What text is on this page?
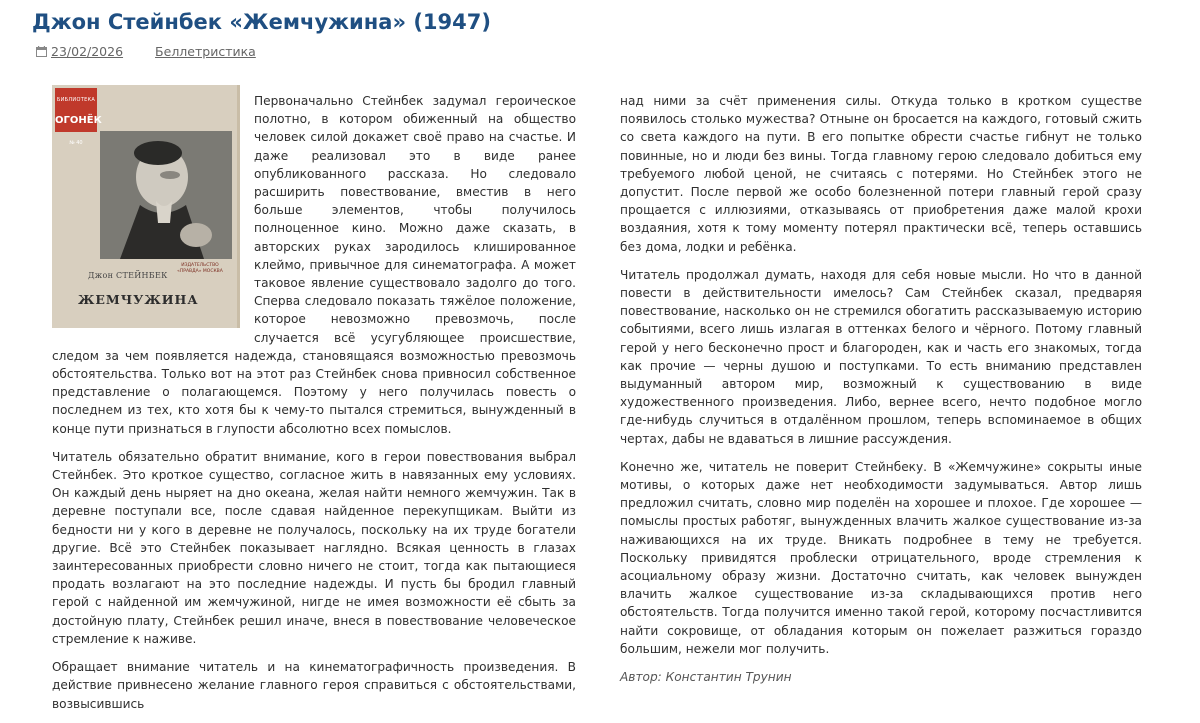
Джон Стейнбек «Жемчужина» (1947)
23/02/2026	Беллетристика
БИБЛИОТЕКА
ОГОНЁК
№ 40
Джон СТЕЙНБЕК
ИЗДАТЕЛЬСТВО «ПРАВДА» МОСКВА
ЖЕМЧУЖИНА

Первоначально Стейнбек задумал героическое полотно, в котором обиженный на общество человек силой докажет своё право на счастье. И даже реализовал это в виде ранее опубликованного рассказа. Но следовало расширить повествование, вместив в него больше элементов, чтобы получилось полноценное кино. Можно даже сказать, в авторских руках зародилось клишированное клеймо, привычное для синематографа. А может таковое явление существовало задолго до того. Сперва следовало показать тяжёлое положение, которое невозможно превозмочь, после случается всё усугубляющее происшествие, следом за чем появляется надежда, становящаяся возможностью превозмочь обстоятельства. Только вот на этот раз Стейнбек снова привносил собственное представление о полагающемся. Поэтому у него получилась повесть о последнем из тех, кто хотя бы к чему-то пытался стремиться, вынужденный в конце пути признаться в глупости абсолютно всех помыслов.

Читатель обязательно обратит внимание, кого в герои повествования выбрал Стейнбек. Это кроткое существо, согласное жить в навязанных ему условиях. Он каждый день ныряет на дно океана, желая найти немного жемчужин. Так в деревне поступали все, после сдавая найденное перекупщикам. Выйти из бедности ни у кого в деревне не получалось, поскольку на их труде богатели другие. Всё это Стейнбек показывает наглядно. Всякая ценность в глазах заинтересованных приобрести словно ничего не стоит, тогда как пытающиеся продать возлагают на это последние надежды. И пусть бы бродил главный герой с найденной им жемчужиной, нигде не имея возможности её сбыть за достойную плату, Стейнбек решил иначе, внеся в повествование человеческое стремление к наживе.

Обращает внимание читатель и на кинематографичность произведения. В действие привнесено желание главного героя справиться с обстоятельствами, возвысившись

над ними за счёт применения силы. Откуда только в кротком существе появилось столько мужества? Отныне он бросается на каждого, готовый сжить со света каждого на пути. В его попытке обрести счастье гибнут не только повинные, но и люди без вины. Тогда главному герою следовало добиться ему требуемого любой ценой, не считаясь с потерями. Но Стейнбек этого не допустит. После первой же особо болезненной потери главный герой сразу прощается с иллюзиями, отказываясь от приобретения даже малой крохи воздаяния, хотя к тому моменту потерял практически всё, теперь оставшись без дома, лодки и ребёнка.

Читатель продолжал думать, находя для себя новые мысли. Но что в данной повести в действительности имелось? Сам Стейнбек сказал, предваряя повествование, насколько он не стремился обогатить рассказываемую историю событиями, всего лишь излагая в оттенках белого и чёрного. Потому главный герой у него бесконечно прост и благороден, как и часть его знакомых, тогда как прочие — черны душою и поступками. То есть вниманию представлен выдуманный автором мир, возможный к существованию в виде художественного произведения. Либо, вернее всего, нечто подобное могло где-нибудь случиться в отдалённом прошлом, теперь вспоминаемое в общих чертах, дабы не вдаваться в лишние рассуждения.

Конечно же, читатель не поверит Стейнбеку. В «Жемчужине» сокрыты иные мотивы, о которых даже нет необходимости задумываться. Автор лишь предложил считать, словно мир поделён на хорошее и плохое. Где хорошее — помыслы простых работяг, вынужденных влачить жалкое существование из-за наживающихся на их труде. Вникать подробнее в тему не требуется. Поскольку привидятся проблески отрицательного, вроде стремления к асоциальному образу жизни. Достаточно считать, как человек вынужден влачить жалкое существование из-за складывающихся против него обстоятельств. Тогда получится именно такой герой, которому посчастливится найти сокровище, от обладания которым он пожелает разжиться гораздо большим, нежели мог получить.

Автор: Константин Трунин
